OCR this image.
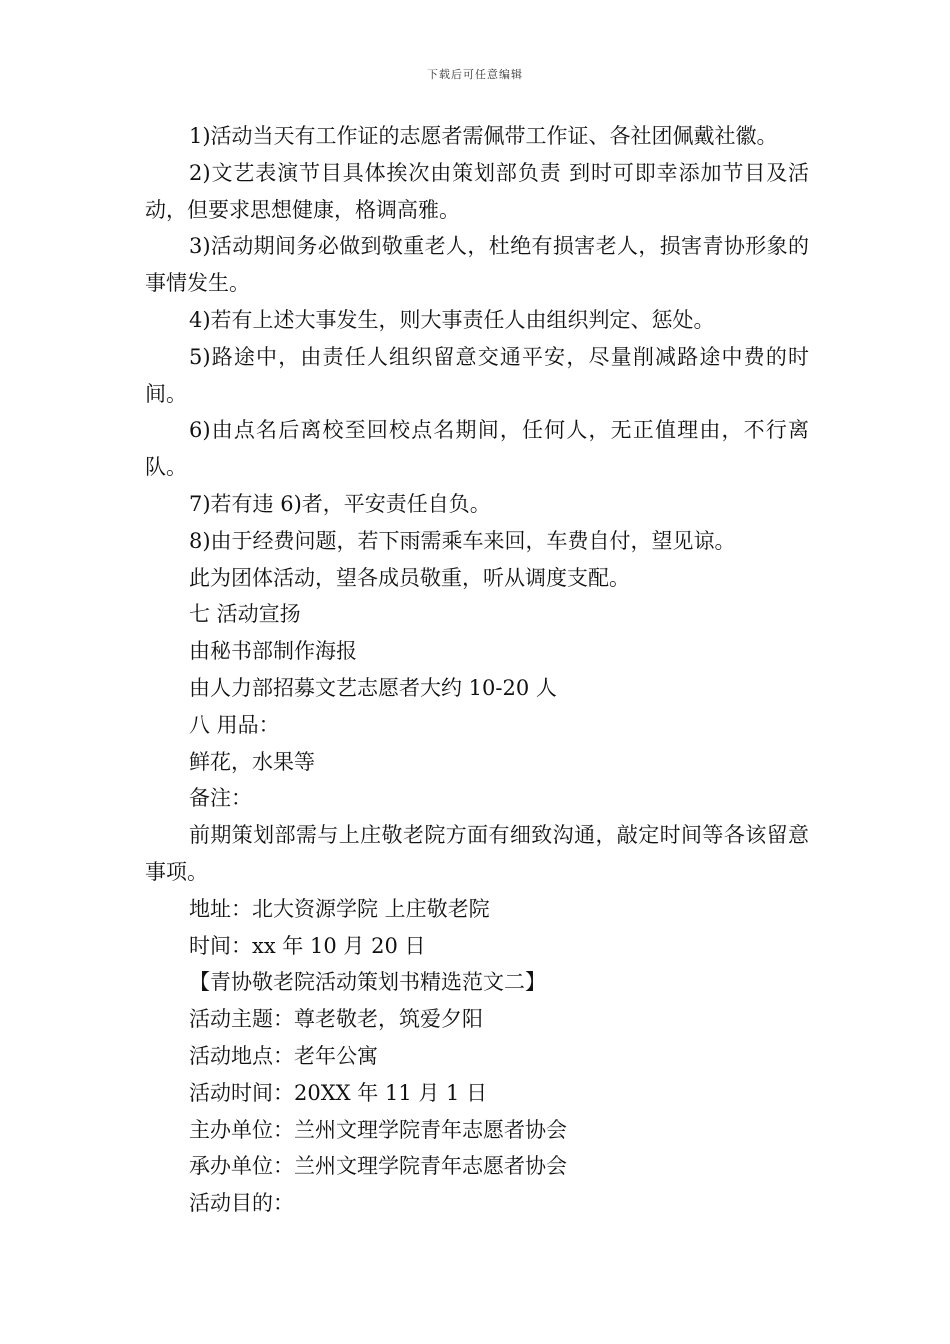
下载后可任意编辑
1)活动当天有工作证的志愿者需佩带工作证、各社团佩戴社徽。
2)文艺表演节目具体挨次由策划部负责 到时可即幸添加节目及活动，但要求思想健康，格调高雅。
3)活动期间务必做到敬重老人，杜绝有损害老人，损害青协形象的事情发生。
4)若有上述大事发生，则大事责任人由组织判定、惩处。
5)路途中，由责任人组织留意交通平安，尽量削减路途中费的时间。
6)由点名后离校至回校点名期间，任何人，无正值理由，不行离队。
7)若有违 6)者，平安责任自负。
8)由于经费问题，若下雨需乘车来回，车费自付，望见谅。
此为团体活动，望各成员敬重，听从调度支配。
七 活动宣扬
由秘书部制作海报
由人力部招募文艺志愿者大约 10-20 人
八 用品：
鲜花，水果等
备注：
前期策划部需与上庄敬老院方面有细致沟通，敲定时间等各该留意事项。
地址：北大资源学院 上庄敬老院
时间：xx 年 10 月 20 日
【青协敬老院活动策划书精选范文二】
活动主题：尊老敬老，筑爱夕阳
活动地点：老年公寓
活动时间：20XX 年 11 月 1 日
主办单位：兰州文理学院青年志愿者协会
承办单位：兰州文理学院青年志愿者协会
活动目的：
